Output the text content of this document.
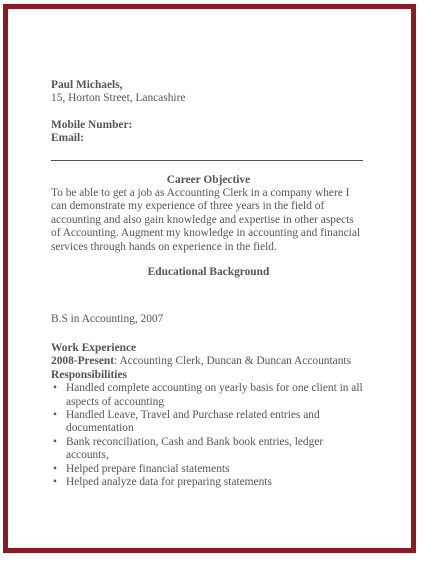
Paul Michaels,
15, Horton Street, Lancashire
Mobile Number:
Email:
Career Objective
To be able to get a job as Accounting Clerk in a company where I can demonstrate my experience of three years in the field of accounting and also gain knowledge and expertise in other aspects of Accounting. Augment my knowledge in accounting and financial services through hands on experience in the field.
Educational Background
B.S in Accounting, 2007
Work Experience
2008-Present: Accounting Clerk, Duncan & Duncan Accountants
Responsibilities
• Handled complete accounting on yearly basis for one client in all aspects of accounting
• Handled Leave, Travel and Purchase related entries and documentation
• Bank reconciliation, Cash and Bank book entries, ledger accounts,
• Helped prepare financial statements
• Helped analyze data for preparing statements
